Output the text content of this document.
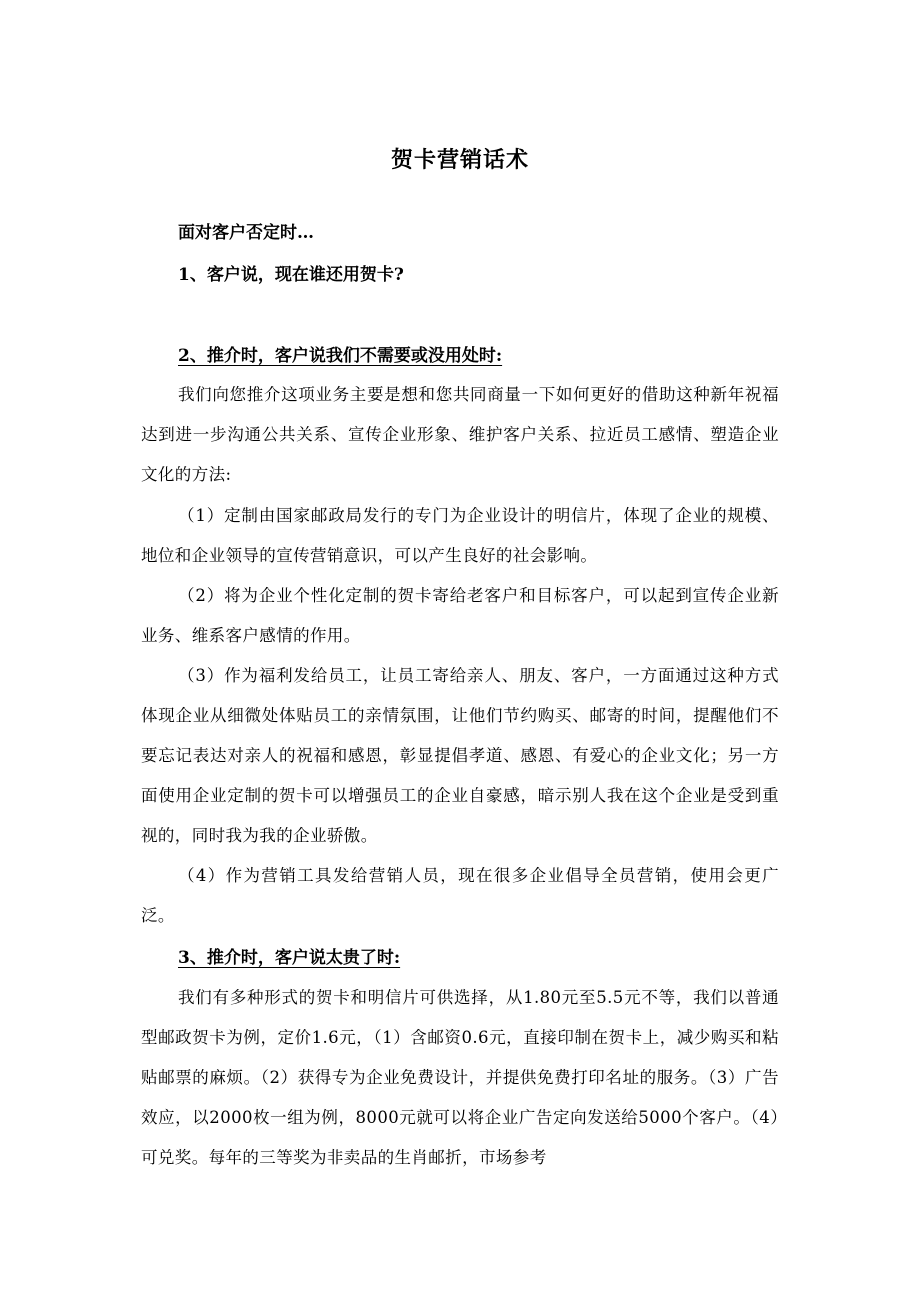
贺卡营销话术
面对客户否定时…
1、客户说，现在谁还用贺卡?
2、推介时，客户说我们不需要或没用处时:
我们向您推介这项业务主要是想和您共同商量一下如何更好的借助这种新年祝福达到进一步沟通公共关系、宣传企业形象、维护客户关系、拉近员工感情、塑造企业文化的方法:
（1）定制由国家邮政局发行的专门为企业设计的明信片，体现了企业的规模、地位和企业领导的宣传营销意识，可以产生良好的社会影响。
（2）将为企业个性化定制的贺卡寄给老客户和目标客户，可以起到宣传企业新业务、维系客户感情的作用。
（3）作为福利发给员工，让员工寄给亲人、朋友、客户，一方面通过这种方式体现企业从细微处体贴员工的亲情氛围，让他们节约购买、邮寄的时间，提醒他们不要忘记表达对亲人的祝福和感恩，彰显提倡孝道、感恩、有爱心的企业文化；另一方面使用企业定制的贺卡可以增强员工的企业自豪感，暗示别人我在这个企业是受到重视的，同时我为我的企业骄傲。
（4）作为营销工具发给营销人员，现在很多企业倡导全员营销，使用会更广泛。
3、推介时，客户说太贵了时:
我们有多种形式的贺卡和明信片可供选择，从1.80元至5.5元不等，我们以普通型邮政贺卡为例，定价1.6元，（1）含邮资0.6元，直接印制在贺卡上，减少购买和粘贴邮票的麻烦。（2）获得专为企业免费设计，并提供免费打印名址的服务。（3）广告效应，以2000枚一组为例，8000元就可以将企业广告定向发送给5000个客户。（4）可兑奖。每年的三等奖为非卖品的生肖邮折，市场参考
